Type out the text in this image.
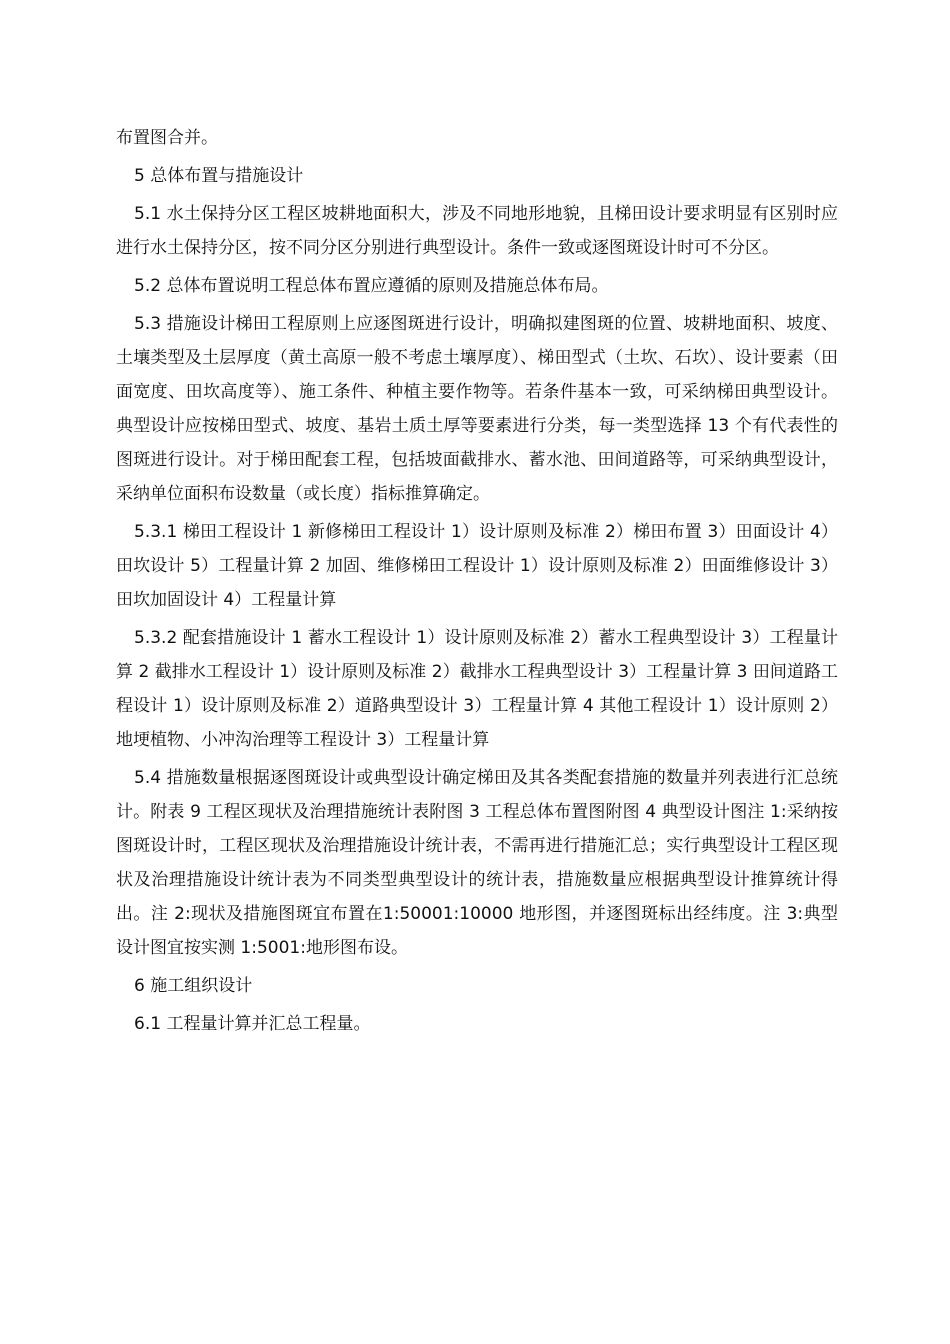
布置图合并。

5 总体布置与措施设计

5.1 水土保持分区工程区坡耕地面积大，涉及不同地形地貌，且梯田设计要求明显有区别时应进行水土保持分区，按不同分区分别进行典型设计。条件一致或逐图斑设计时可不分区。

5.2 总体布置说明工程总体布置应遵循的原则及措施总体布局。

5.3 措施设计梯田工程原则上应逐图斑进行设计，明确拟建图斑的位置、坡耕地面积、坡度、土壤类型及土层厚度（黄土高原一般不考虑土壤厚度）、梯田型式（土坎、石坎）、设计要素（田面宽度、田坎高度等）、施工条件、种植主要作物等。若条件基本一致，可采纳梯田典型设计。典型设计应按梯田型式、坡度、基岩土质土厚等要素进行分类，每一类型选择 13 个有代表性的图斑进行设计。对于梯田配套工程，包括坡面截排水、蓄水池、田间道路等，可采纳典型设计，采纳单位面积布设数量（或长度）指标推算确定。

5.3.1 梯田工程设计 1 新修梯田工程设计 1）设计原则及标准 2）梯田布置 3）田面设计 4）田坎设计 5）工程量计算 2 加固、维修梯田工程设计 1）设计原则及标准 2）田面维修设计 3）田坎加固设计 4）工程量计算

5.3.2 配套措施设计 1 蓄水工程设计 1）设计原则及标准 2）蓄水工程典型设计 3）工程量计算 2 截排水工程设计 1）设计原则及标准 2）截排水工程典型设计 3）工程量计算 3 田间道路工程设计 1）设计原则及标准 2）道路典型设计 3）工程量计算 4 其他工程设计 1）设计原则 2）地埂植物、小冲沟治理等工程设计 3）工程量计算

5.4 措施数量根据逐图斑设计或典型设计确定梯田及其各类配套措施的数量并列表进行汇总统计。附表 9 工程区现状及治理措施统计表附图 3 工程总体布置图附图 4 典型设计图注 1:采纳按图斑设计时，工程区现状及治理措施设计统计表，不需再进行措施汇总；实行典型设计工程区现状及治理措施设计统计表为不同类型典型设计的统计表，措施数量应根据典型设计推算统计得出。注 2:现状及措施图斑宜布置在1:50001:10000 地形图，并逐图斑标出经纬度。注 3:典型设计图宜按实测 1:5001:地形图布设。

6 施工组织设计

6.1 工程量计算并汇总工程量。
